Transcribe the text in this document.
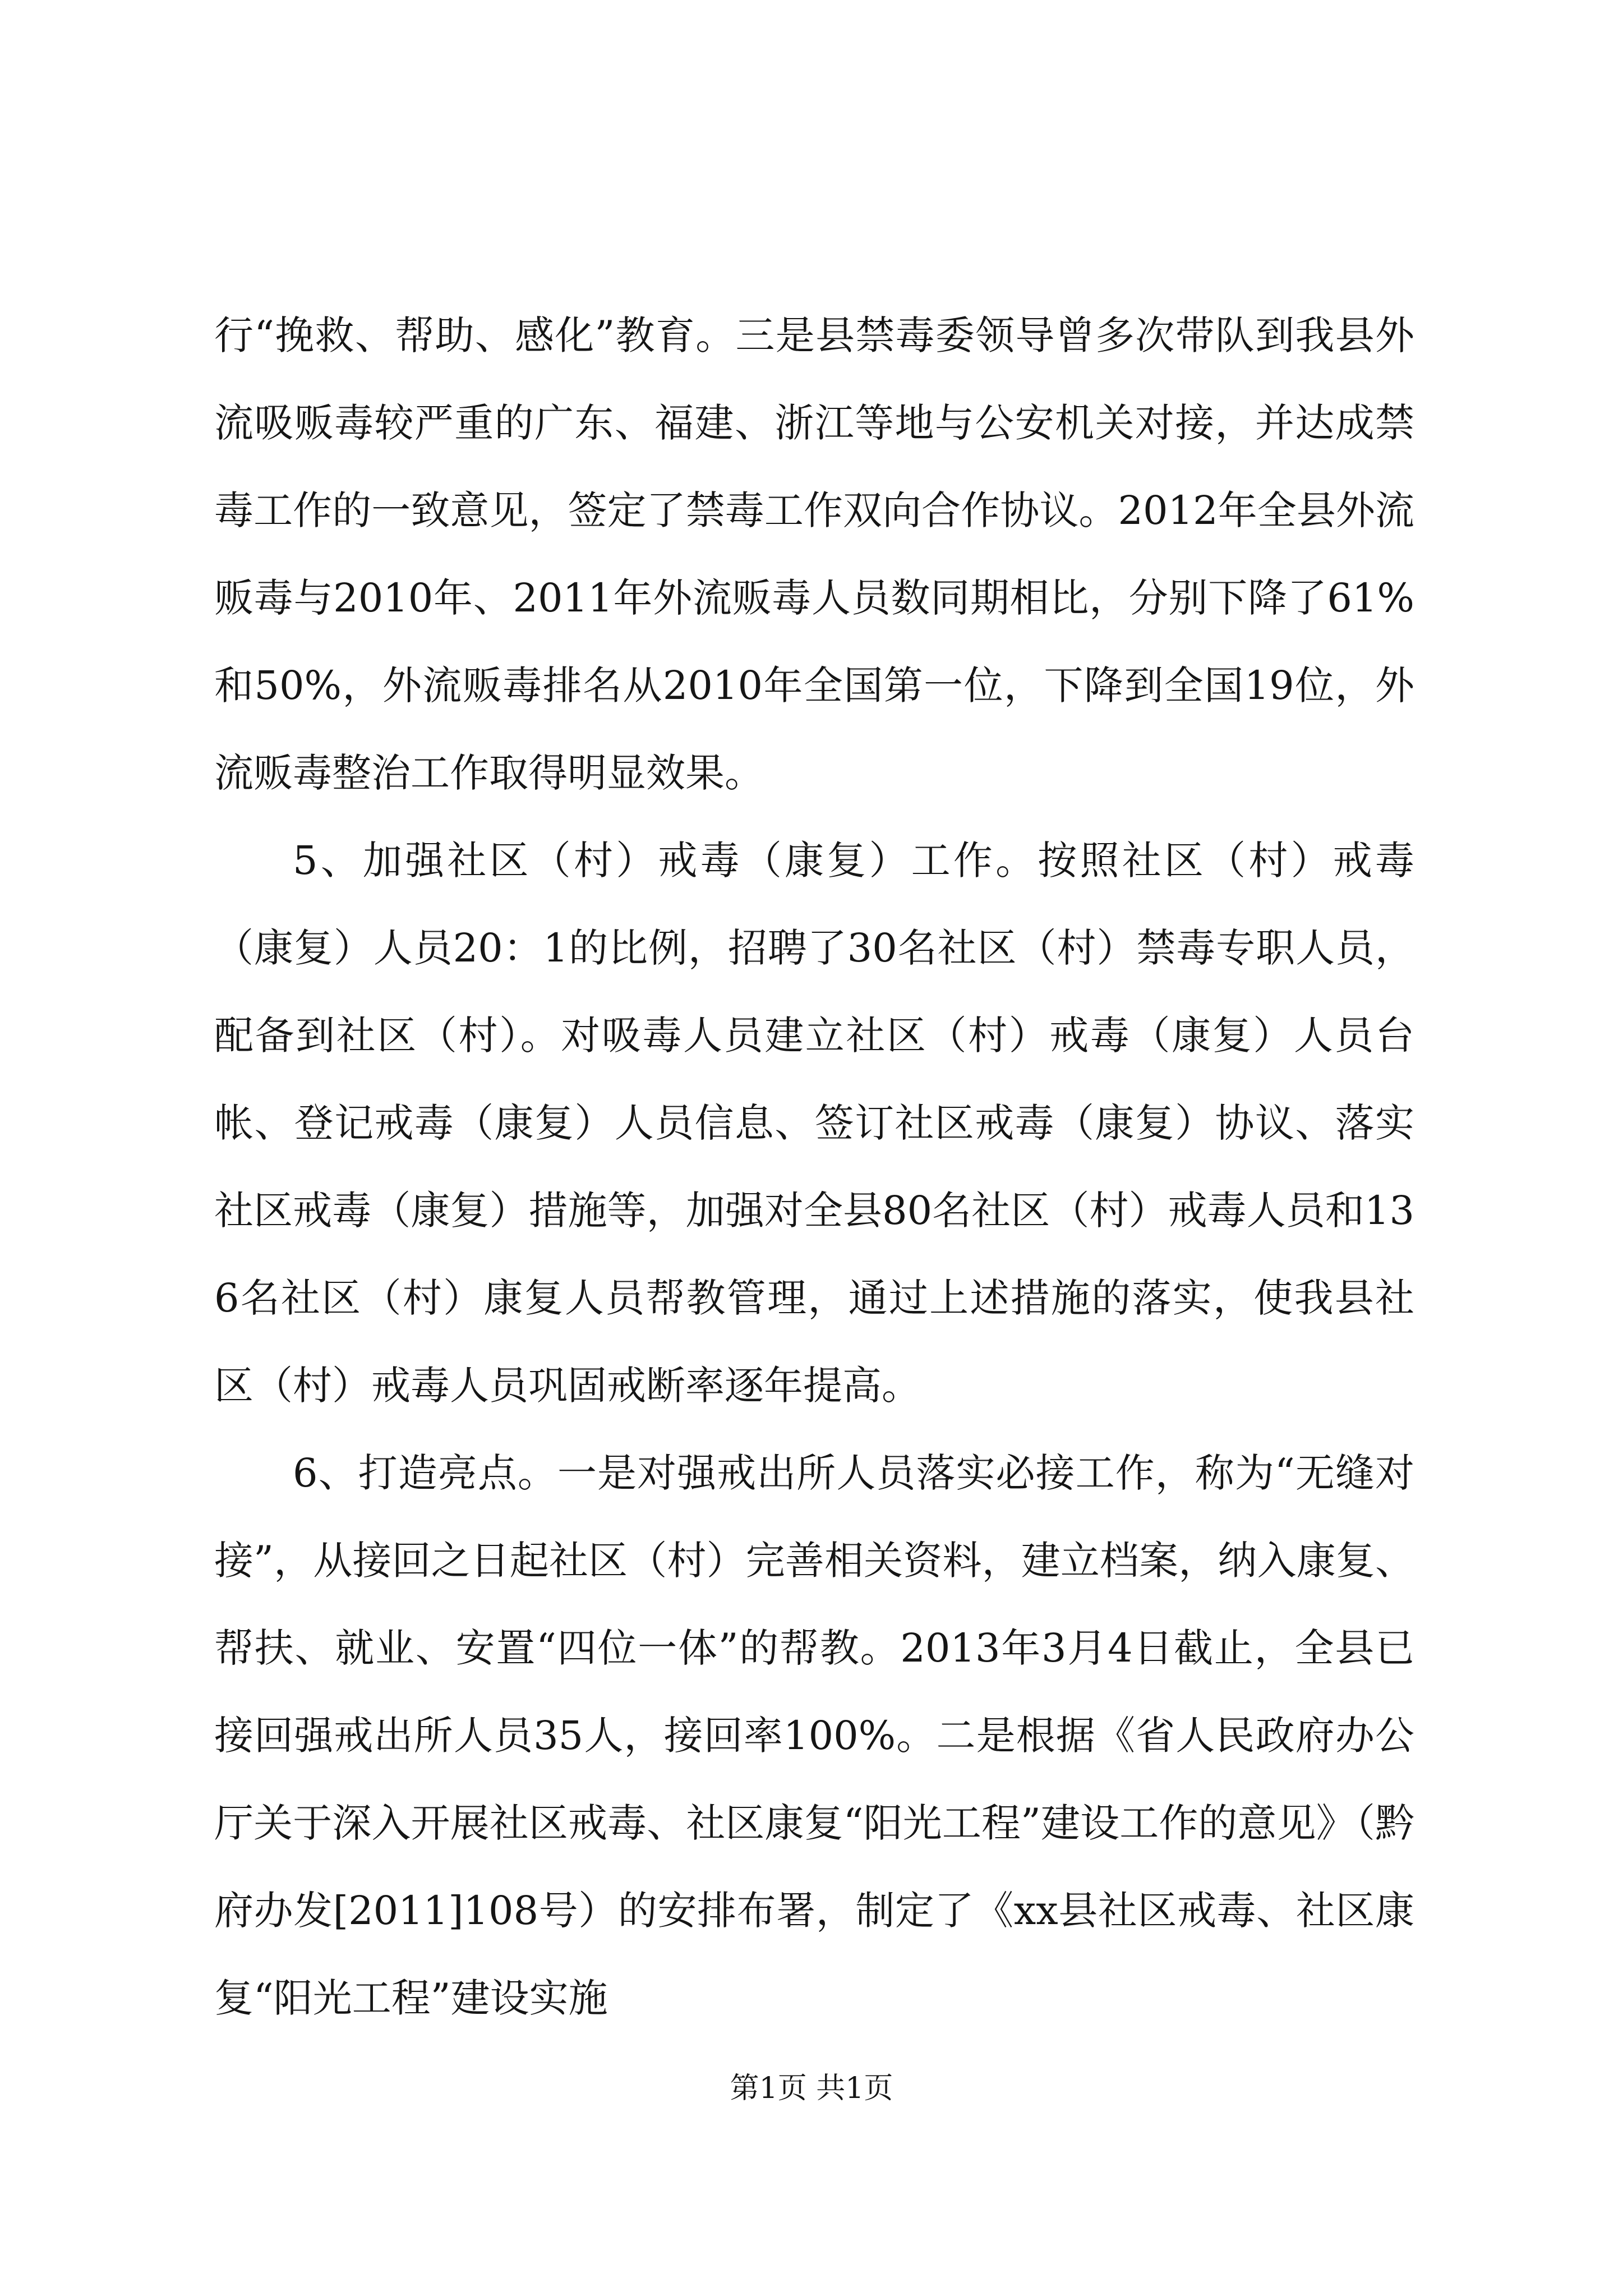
行“挽救、帮助、感化”教育。三是县禁毒委领导曾多次带队到我县外流吸贩毒较严重的广东、福建、浙江等地与公安机关对接，并达成禁毒工作的一致意见，签定了禁毒工作双向合作协议。2012年全县外流贩毒与2010年、2011年外流贩毒人员数同期相比，分别下降了61%和50%，外流贩毒排名从2010年全国第一位，下降到全国19位，外流贩毒整治工作取得明显效果。

5、加强社区（村）戒毒（康复）工作。按照社区（村）戒毒（康复）人员20：1的比例，招聘了30名社区（村）禁毒专职人员，配备到社区（村）。对吸毒人员建立社区（村）戒毒（康复）人员台帐、登记戒毒（康复）人员信息、签订社区戒毒（康复）协议、落实社区戒毒（康复）措施等，加强对全县80名社区（村）戒毒人员和136名社区（村）康复人员帮教管理，通过上述措施的落实，使我县社区（村）戒毒人员巩固戒断率逐年提高。

6、打造亮点。一是对强戒出所人员落实必接工作，称为“无缝对接”，从接回之日起社区（村）完善相关资料，建立档案，纳入康复、帮扶、就业、安置“四位一体”的帮教。2013年3月4日截止，全县已接回强戒出所人员35人，接回率100%。二是根据《省人民政府办公厅关于深入开展社区戒毒、社区康复“阳光工程”建设工作的意见》（黔府办发[2011]108号）的安排布署，制定了《xx县社区戒毒、社区康复“阳光工程”建设实施

第1页 共1页
